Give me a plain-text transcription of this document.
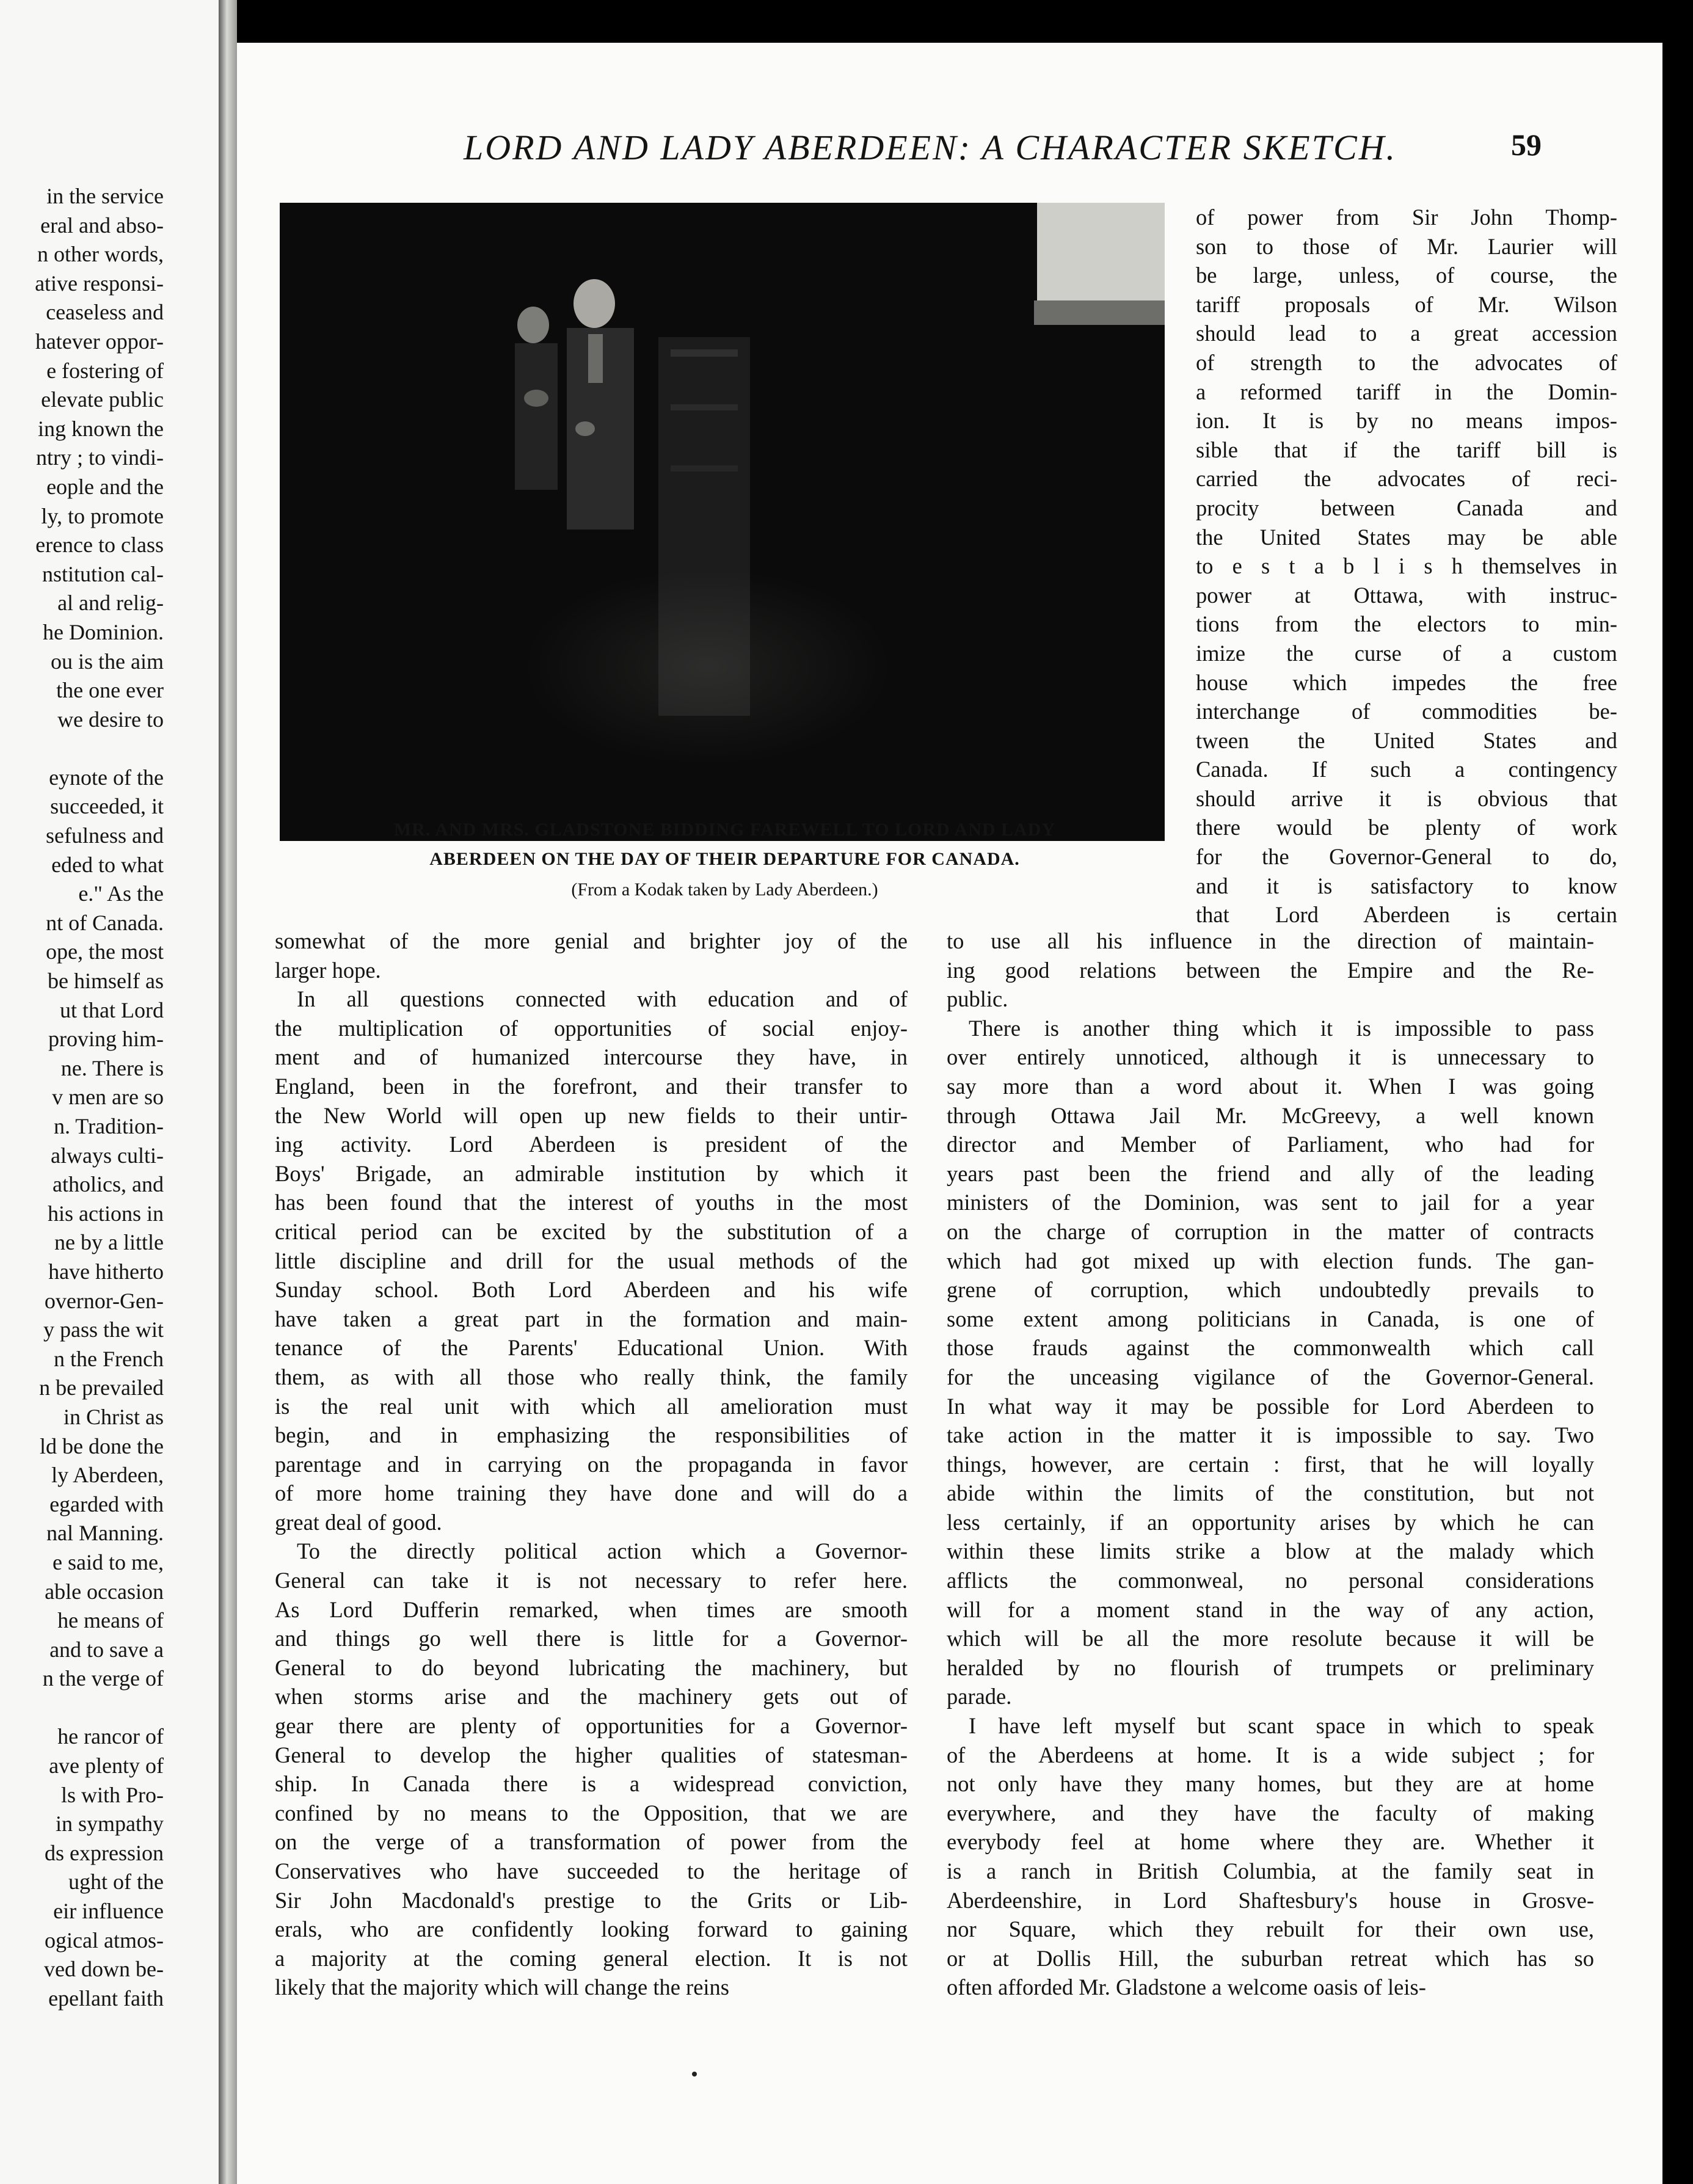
in the service
eral and abso-
n other words,
ative responsi-
ceaseless and
hatever oppor-
e fostering of
elevate public
ing known the
ntry ; to vindi-
eople and the
ly, to promote
erence to class
nstitution cal-
al and relig-
he Dominion.
ou is the aim
the one ever
we desire to
eynote of the
succeeded, it
sefulness and
eded to what
e." As the
nt of Canada.
ope, the most
be himself as
ut that Lord
proving him-
ne. There is
v men are so
n. Tradition-
always culti-
atholics, and
his actions in
ne by a little
have hitherto
overnor-Gen-
y pass the wit
n the French
n be prevailed
in Christ as
ld be done the
ly Aberdeen,
egarded with
nal Manning.
e said to me,
able occasion
he means of
and to save a
n the verge of
he rancor of
ave plenty of
ls with Pro-
in sympathy
ds expression
ught of the
eir influence
ogical atmos-
ved down be-
epellant faith
LORD AND LADY ABERDEEN: A CHARACTER SKETCH.	59
MR. AND MRS. GLADSTONE BIDDING FAREWELL TO LORD AND LADY
ABERDEEN ON THE DAY OF THEIR DEPARTURE FOR CANADA.
(From a Kodak taken by Lady Aberdeen.)
of power from Sir John Thomp-
son to those of Mr. Laurier will
be large, unless, of course, the
tariff proposals of Mr. Wilson
should lead to a great accession
of strength to the advocates of
a reformed tariff in the Domin-
ion. It is by no means impos-
sible that if the tariff bill is
carried the advocates of reci-
procity between Canada and
the United States may be able
to e s t a b l i s h themselves in
power at Ottawa, with instruc-
tions from the electors to min-
imize the curse of a custom
house which impedes the free
interchange of commodities be-
tween the United States and
Canada. If such a contingency
should arrive it is obvious that
there would be plenty of work
for the Governor-General to do,
and it is satisfactory to know
that Lord Aberdeen is certain
somewhat of the more genial and brighter joy of the
larger hope.
In all questions connected with education and of
the multiplication of opportunities of social enjoy-
ment and of humanized intercourse they have, in
England, been in the forefront, and their transfer to
the New World will open up new fields to their untir-
ing activity. Lord Aberdeen is president of the
Boys' Brigade, an admirable institution by which it
has been found that the interest of youths in the most
critical period can be excited by the substitution of a
little discipline and drill for the usual methods of the
Sunday school. Both Lord Aberdeen and his wife
have taken a great part in the formation and main-
tenance of the Parents' Educational Union. With
them, as with all those who really think, the family
is the real unit with which all amelioration must
begin, and in emphasizing the responsibilities of
parentage and in carrying on the propaganda in favor
of more home training they have done and will do a
great deal of good.
To the directly political action which a Governor-
General can take it is not necessary to refer here.
As Lord Dufferin remarked, when times are smooth
and things go well there is little for a Governor-
General to do beyond lubricating the machinery, but
when storms arise and the machinery gets out of
gear there are plenty of opportunities for a Governor-
General to develop the higher qualities of statesman-
ship. In Canada there is a widespread conviction,
confined by no means to the Opposition, that we are
on the verge of a transformation of power from the
Conservatives who have succeeded to the heritage of
Sir John Macdonald's prestige to the Grits or Lib-
erals, who are confidently looking forward to gaining
a majority at the coming general election. It is not
likely that the majority which will change the reins
to use all his influence in the direction of maintain-
ing good relations between the Empire and the Re-
public.
There is another thing which it is impossible to pass
over entirely unnoticed, although it is unnecessary to
say more than a word about it. When I was going
through Ottawa Jail Mr. McGreevy, a well known
director and Member of Parliament, who had for
years past been the friend and ally of the leading
ministers of the Dominion, was sent to jail for a year
on the charge of corruption in the matter of contracts
which had got mixed up with election funds. The gan-
grene of corruption, which undoubtedly prevails to
some extent among politicians in Canada, is one of
those frauds against the commonwealth which call
for the unceasing vigilance of the Governor-General.
In what way it may be possible for Lord Aberdeen to
take action in the matter it is impossible to say. Two
things, however, are certain : first, that he will loyally
abide within the limits of the constitution, but not
less certainly, if an opportunity arises by which he can
within these limits strike a blow at the malady which
afflicts the commonweal, no personal considerations
will for a moment stand in the way of any action,
which will be all the more resolute because it will be
heralded by no flourish of trumpets or preliminary
parade.
I have left myself but scant space in which to speak
of the Aberdeens at home. It is a wide subject ; for
not only have they many homes, but they are at home
everywhere, and they have the faculty of making
everybody feel at home where they are. Whether it
is a ranch in British Columbia, at the family seat in
Aberdeenshire, in Lord Shaftesbury's house in Grosve-
nor Square, which they rebuilt for their own use,
or at Dollis Hill, the suburban retreat which has so
often afforded Mr. Gladstone a welcome oasis of leis-
